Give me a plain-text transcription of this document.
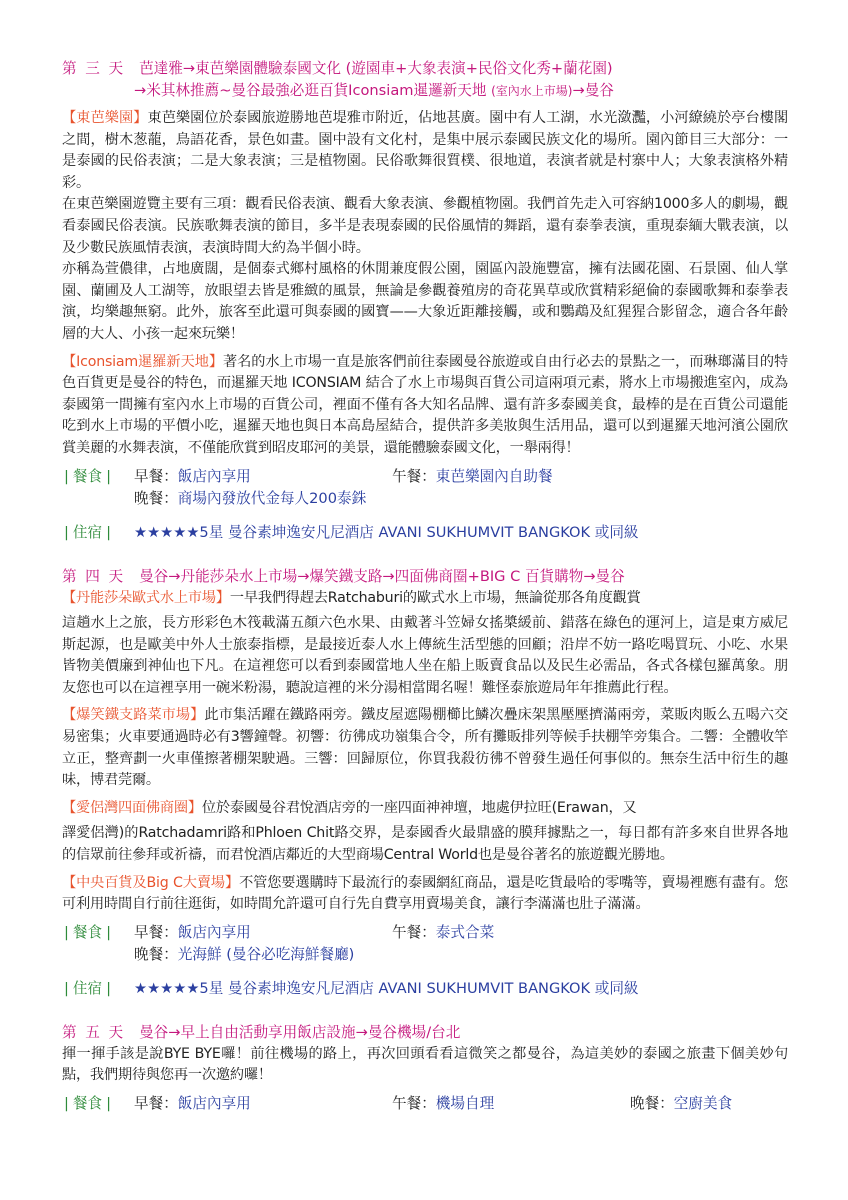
第 三 天 芭達雅→東芭樂園體驗泰國文化 (遊園車+大象表演+民俗文化秀+蘭花園)
→米其林推薦~曼谷最強必逛百貨Iconsiam暹邏新天地 (室內水上市場)→曼谷

【東芭樂園】東芭樂園位於泰國旅遊勝地芭堤雅市附近，佔地甚廣。園中有人工湖，水光潋灩，小河繚繞於亭台樓閣之間，樹木葱蘢，鳥語花香，景色如畫。園中設有文化村，是集中展示泰國民族文化的場所。園內節目三大部分：一是泰國的民俗表演；二是大象表演；三是植物園。民俗歌舞很質樸、很地道，表演者就是村寨中人；大象表演格外精彩。

在東芭樂園遊覽主要有三項：觀看民俗表演、觀看大象表演、參觀植物園。我們首先走入可容納1000多人的劇場，觀看泰國民俗表演。民族歌舞表演的節目，多半是表現泰國的民俗風情的舞蹈，還有泰拳表演，重現泰緬大戰表演，以及少數民族風情表演，表演時間大約為半個小時。

亦稱為萱儂律，占地廣闊，是個泰式鄉村風格的休閒兼度假公園，園區內設施豐富，擁有法國花園、石景園、仙人掌園、蘭圃及人工湖等，放眼望去皆是雅緻的風景，無論是參觀養殖房的奇花異草或欣賞精彩絕倫的泰國歌舞和泰拳表演，均樂趣無窮。此外，旅客至此還可與泰國的國寶——大象近距離接觸，或和鸚鵡及紅猩猩合影留念，適合各年齡層的大人、小孩一起來玩樂！

【Iconsiam暹羅新天地】著名的水上市場一直是旅客們前往泰國曼谷旅遊或自由行必去的景點之一，而琳瑯滿目的特色百貨更是曼谷的特色，而暹羅天地 ICONSIAM 結合了水上市場與百貨公司這兩項元素，將水上市場搬進室內，成為泰國第一間擁有室內水上市場的百貨公司，裡面不僅有各大知名品牌、還有許多泰國美食，最棒的是在百貨公司還能吃到水上市場的平價小吃，暹羅天地也與日本高島屋結合，提供許多美妝與生活用品，還可以到暹羅天地河濱公園欣賞美麗的水舞表演，不僅能欣賞到昭皮耶河的美景，還能體驗泰國文化，一舉兩得！

| 餐食 | 早餐：飯店內享用	午餐：東芭樂園內自助餐
晚餐：商場內發放代金每人200泰銖
| 住宿 | ★★★★★5星 曼谷素坤逸安凡尼酒店 AVANI SUKHUMVIT BANGKOK 或同級

第 四 天 曼谷→丹能莎朵水上市場→爆笑鐵支路→四面佛商圈+BIG C 百貨購物→曼谷

【丹能莎朵歐式水上市場】一早我們得趕去Ratchaburi的歐式水上市場，無論從那各角度觀賞

這趟水上之旅，長方形彩色木筏載滿五顏六色水果、由戴著斗笠婦女搖槳緩前、錯落在綠色的運河上，這是東方威尼斯起源，也是歐美中外人士旅泰指標，是最接近泰人水上傳統生活型態的回顧；沿岸不妨一路吃喝買玩、小吃、水果皆物美價廉到神仙也下凡。在這裡您可以看到泰國當地人坐在船上販賣食品以及民生必需品，各式各樣包羅萬象。朋友您也可以在這裡享用一碗米粉湯，聽說這裡的米分湯相當聞名喔！難怪泰旅遊局年年推薦此行程。

【爆笑鐵支路菜市場】此市集活躍在鐵路兩旁。鐵皮屋遮陽棚櫛比鱗次疊床架黑壓壓擠滿兩旁，菜販肉販么五喝六交易密集；火車要通過時必有3響鐘聲。初響：彷彿成功嶺集合令，所有攤販排列等候手扶棚竿旁集合。二響：全體收竿立正，整齊劃一火車僅擦著棚架駛過。三響：回歸原位，你買我殺彷彿不曾發生過任何事似的。無奈生活中衍生的趣味，博君莞爾。

【愛侶灣四面佛商圈】位於泰國曼谷君悅酒店旁的一座四面神神壇，地處伊拉旺(Erawan，又

譯愛侶灣)的Ratchadamri路和Phloen Chit路交界，是泰國香火最鼎盛的膜拜據點之一，每日都有許多來自世界各地的信眾前往參拜或祈禱，而君悅酒店鄰近的大型商場Central World也是曼谷著名的旅遊觀光勝地。

【中央百貨及Big C大賣場】不管您要選購時下最流行的泰國網紅商品，還是吃貨最哈的零嘴等，賣場裡應有盡有。您可利用時間自行前往逛街，如時間允許還可自行先自費享用賣場美食，讓行李滿滿也肚子滿滿。

| 餐食 | 早餐：飯店內享用	午餐：泰式合菜
晚餐：光海鮮 (曼谷必吃海鮮餐廳)
| 住宿 | ★★★★★5星 曼谷素坤逸安凡尼酒店 AVANI SUKHUMVIT BANGKOK 或同級

第 五 天 曼谷→早上自由活動享用飯店設施→曼谷機場/台北

揮一揮手該是說BYE BYE囉！前往機場的路上，再次回頭看看這微笑之都曼谷，為這美妙的泰國之旅畫下個美妙句點，我們期待與您再一次邀約囉！

| 餐食 | 早餐：飯店內享用	午餐：機場自理	晚餐：空廚美食
